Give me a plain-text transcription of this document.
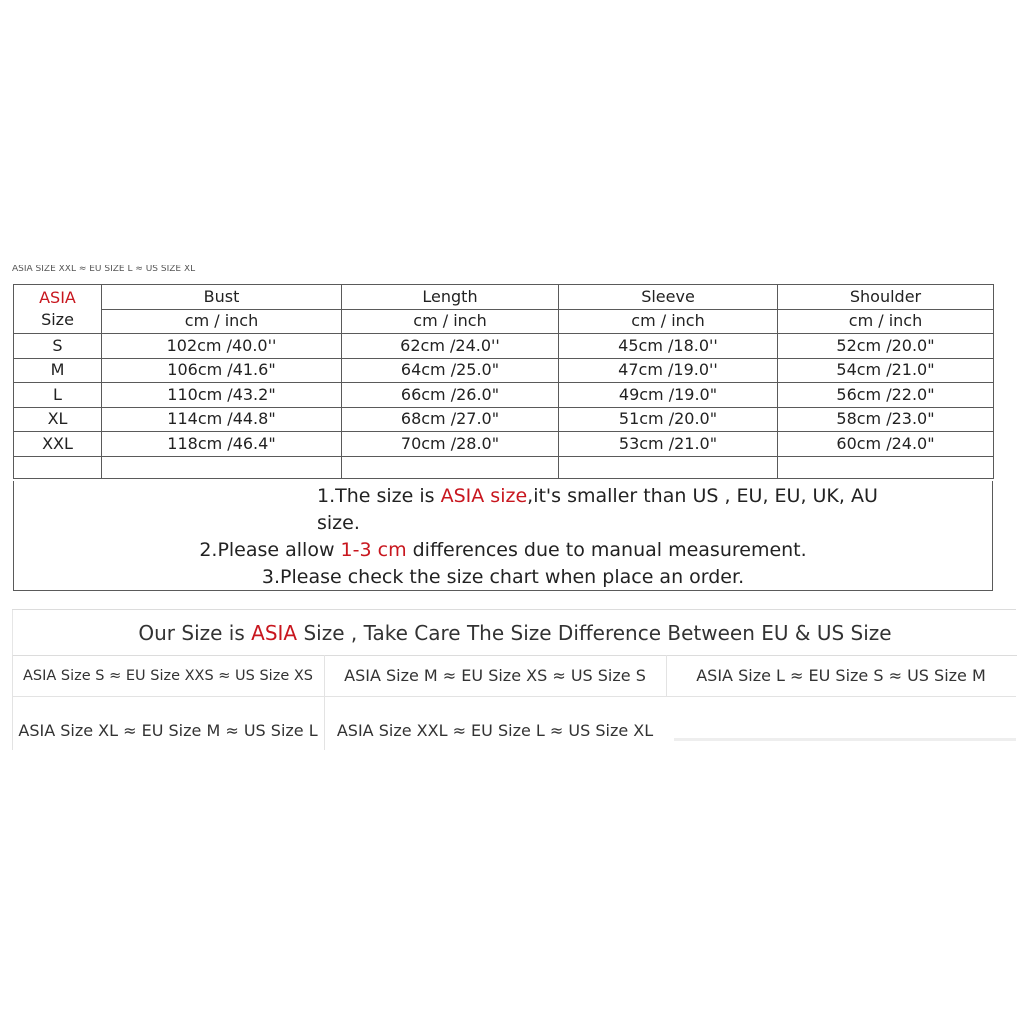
ASIA SIZE XXL ≈ EU SIZE L ≈ US SIZE XL
ASIA
Size	Bust	Length	Sleeve	Shoulder
	cm / inch	cm / inch	cm / inch	cm / inch
S	102cm /40.0''	62cm /24.0''	45cm /18.0''	52cm /20.0"
M	106cm /41.6"	64cm /25.0"	47cm /19.0''	54cm /21.0"
L	110cm /43.2"	66cm /26.0"	49cm /19.0"	56cm /22.0"
XL	114cm /44.8"	68cm /27.0"	51cm /20.0"	58cm /23.0"
XXL	118cm /46.4"	70cm /28.0"	53cm /21.0"	60cm /24.0"

1.The size is ASIA size,it's smaller than US , EU, EU, UK, AU size.
2.Please allow 1-3 cm differences due to manual measurement.
3.Please check the size chart when place an order.
Our Size is ASIA Size , Take Care The Size Difference Between EU & US Size
ASIA Size S ≈ EU Size XXS ≈ US Size XS	ASIA Size M ≈ EU Size XS ≈ US Size S	ASIA Size L ≈ EU Size S ≈ US Size M
ASIA Size XL ≈ EU Size M ≈ US Size L	ASIA Size XXL ≈ EU Size L ≈ US Size XL
